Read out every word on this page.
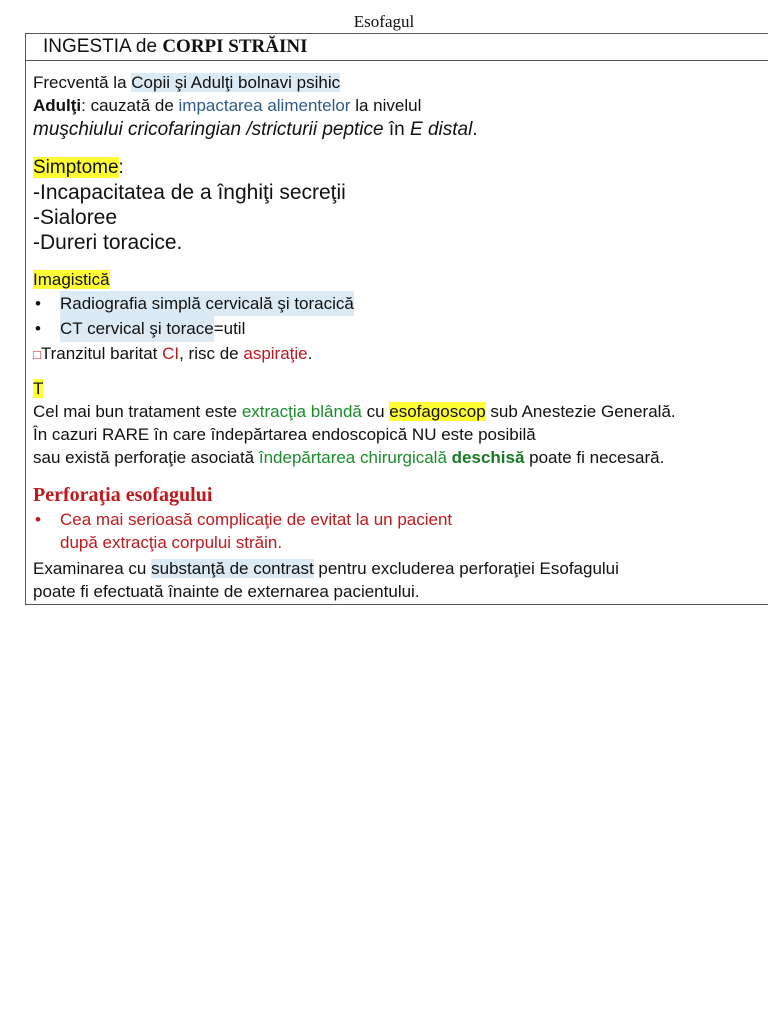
Esofagul
INGESTIA de CORPI STRĂINI
Frecventă la Copii şi Adulţi bolnavi psihic
Adulţi: cauzată de impactarea alimentelor la nivelul
muşchiului cricofaringian /stricturii peptice în E distal.
Simptome:
-Incapacitatea de a înghiţi secreţii
-Sialoree
-Dureri toracice.
Imagistică
•	Radiografia simplă cervicală şi toracică
•	CT cervical şi torace =util
□Tranzitul baritat CI, risc de aspiraţie.
T
Cel mai bun tratament este extracţia blândă cu esofagoscop sub Anestezie Generală.
În cazuri RARE în care îndepărtarea endoscopică NU este posibilă
sau există perforaţie asociată îndepărtarea chirurgicală deschisă poate fi necesară.
Perforaţia esofagului
•	Cea mai serioasă complicaţie de evitat la un pacient
după extracţia corpului străin.
Examinarea cu substanţă de contrast pentru excluderea perforaţiei Esofagului
poate fi efectuată înainte de externarea pacientului.
